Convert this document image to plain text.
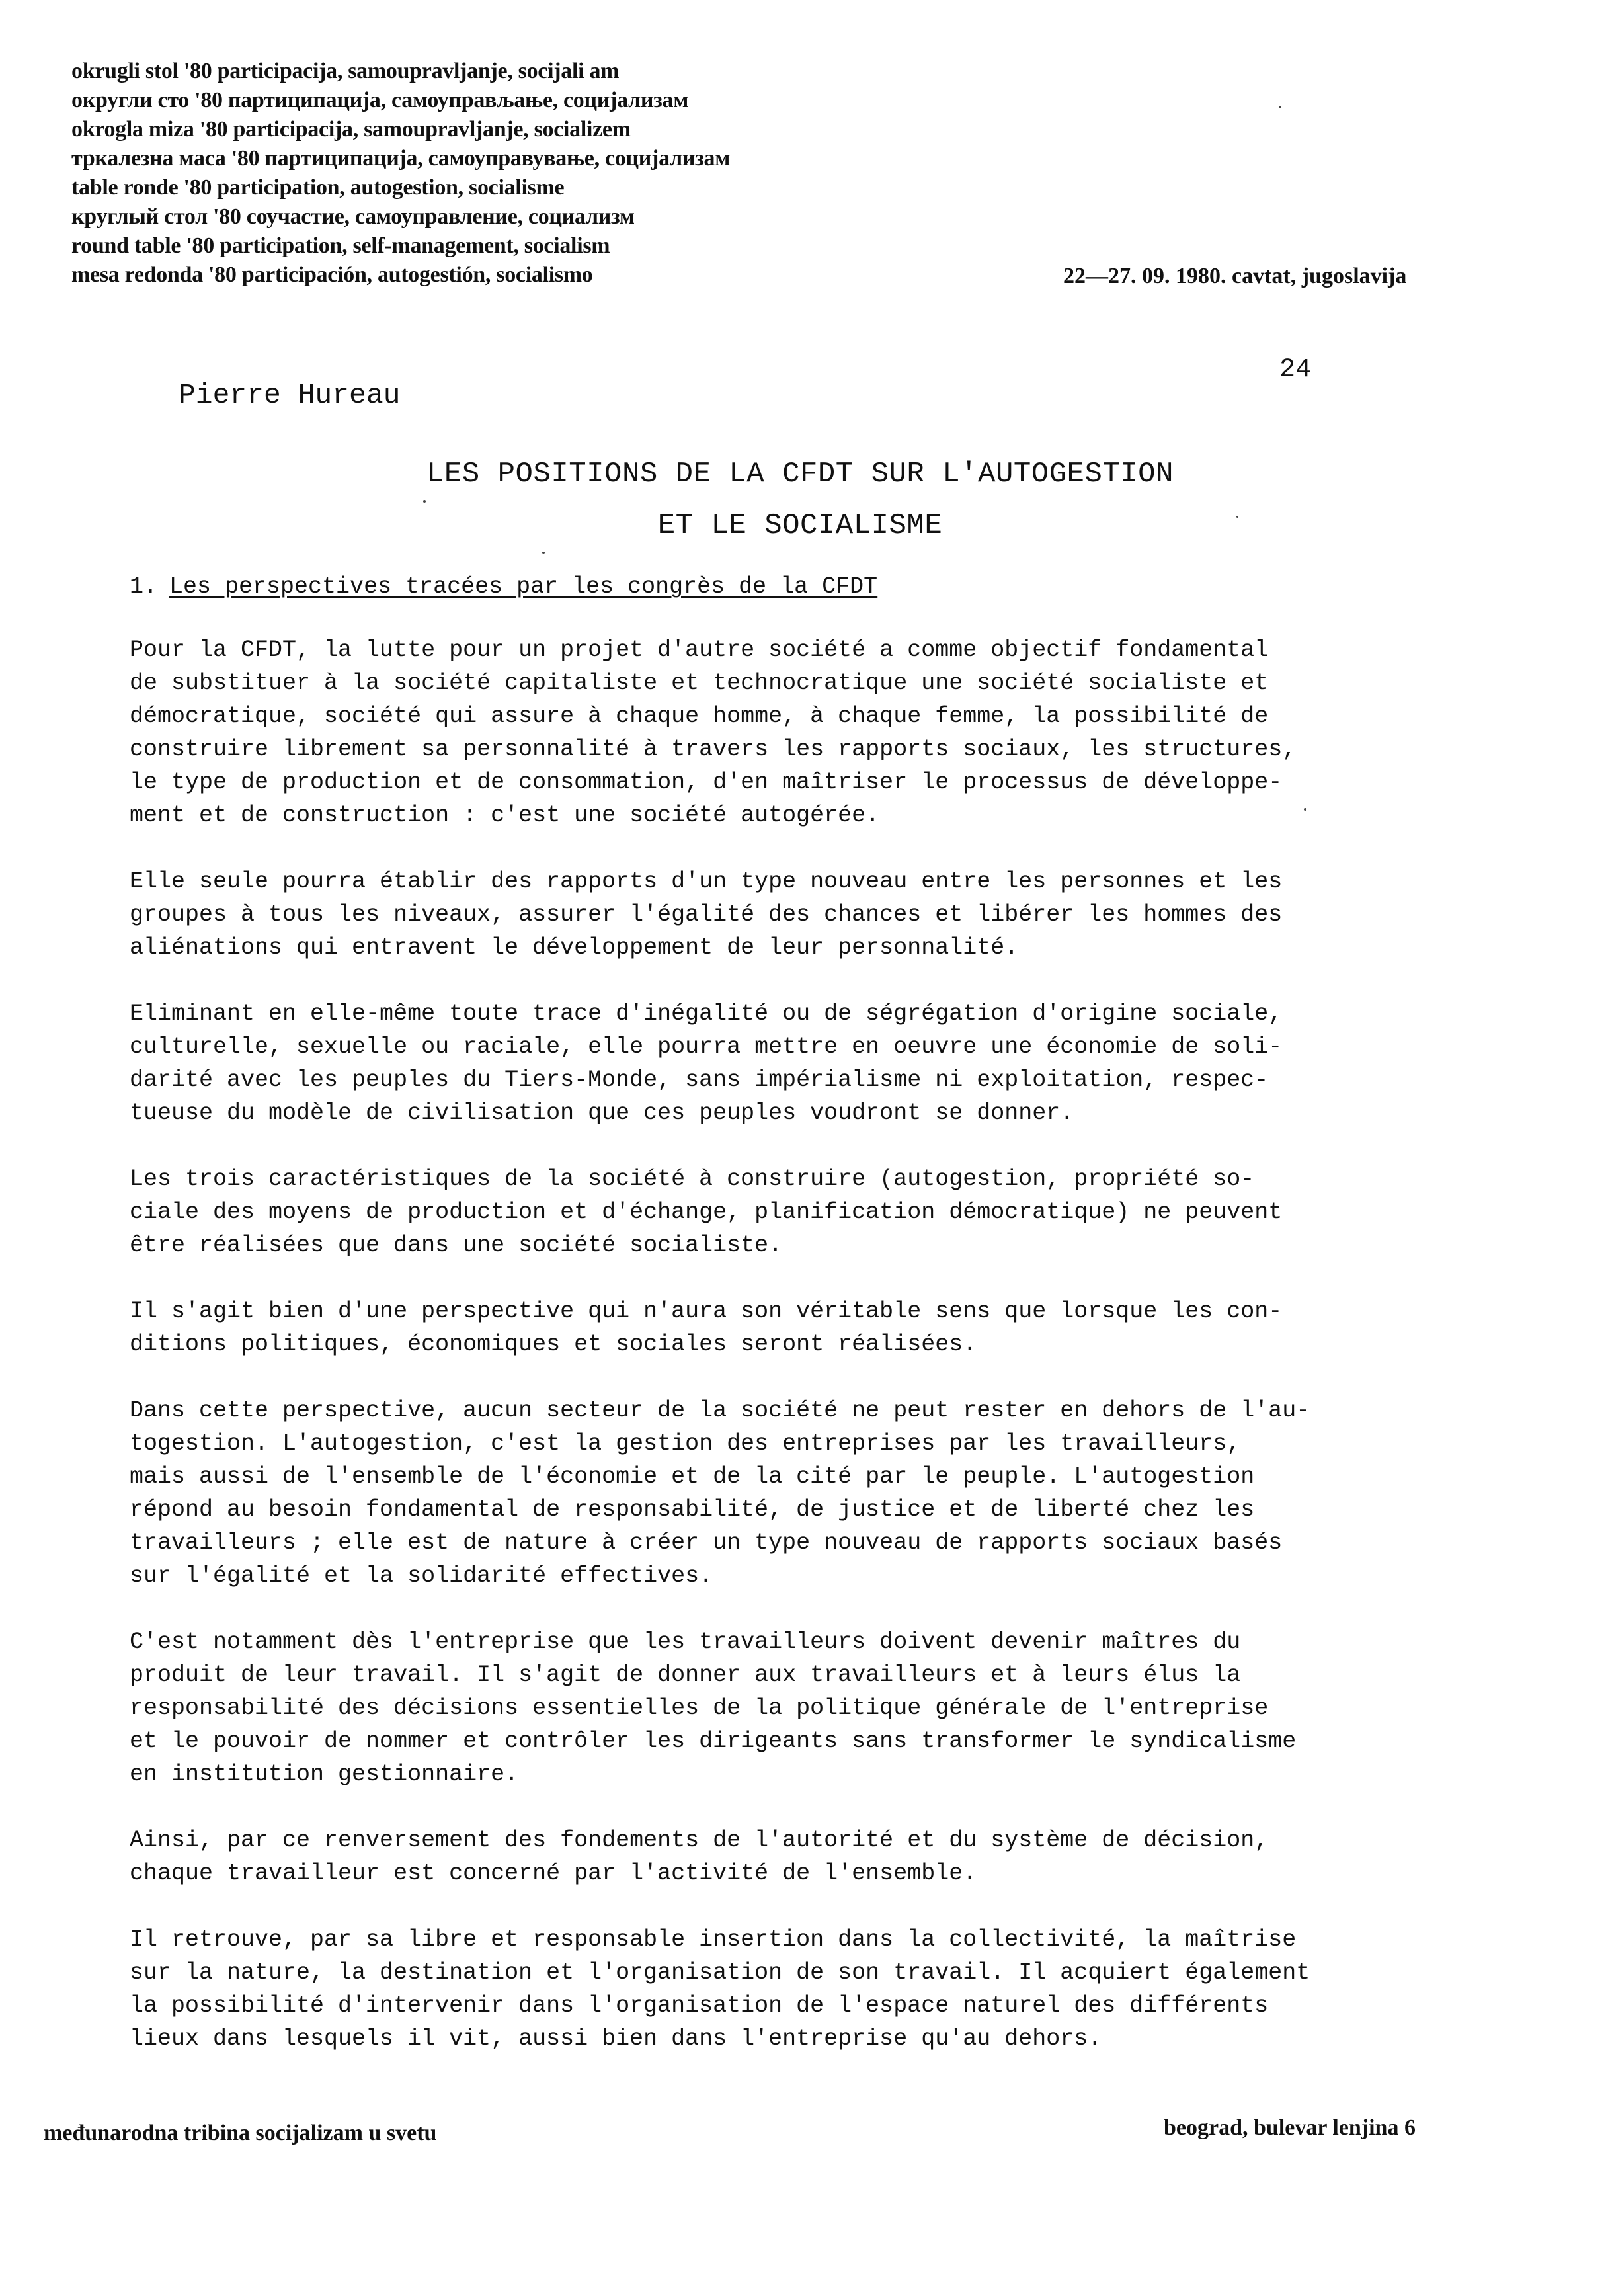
okrugli stol '80 participacija, samoupravljanje, socijali am
округли сто '80 партиципација, самоуправљање, социјализам
okrogla miza '80 participacija, samoupravljanje, socializem
тркалезна маса '80 партиципација, самоуправување, социјализам
table ronde '80 participation, autogestion, socialisme
круглый стол '80 соучастие, самоуправление, социализм
round table '80 participation, self-management, socialism
mesa redonda '80 participación, autogestión, socialismo	22—27. 09. 1980. cavtat, jugoslavija
24
Pierre Hureau
LES POSITIONS DE LA CFDT SUR L'AUTOGESTION
ET LE SOCIALISME
1. Les perspectives tracées par les congrès de la CFDT
Pour la CFDT, la lutte pour un projet d'autre société a comme objectif fondamental
de substituer à la société capitaliste et technocratique une société socialiste et
démocratique, société qui assure à chaque homme, à chaque femme, la possibilité de
construire librement sa personnalité à travers les rapports sociaux, les structures,
le type de production et de consommation, d'en maîtriser le processus de développe-
ment et de construction : c'est une société autogérée.
Elle seule pourra établir des rapports d'un type nouveau entre les personnes et les
groupes à tous les niveaux, assurer l'égalité des chances et libérer les hommes des
aliénations qui entravent le développement de leur personnalité.
Eliminant en elle-même toute trace d'inégalité ou de ségrégation d'origine sociale,
culturelle, sexuelle ou raciale, elle pourra mettre en oeuvre une économie de soli-
darité avec les peuples du Tiers-Monde, sans impérialisme ni exploitation, respec-
tueuse du modèle de civilisation que ces peuples voudront se donner.
Les trois caractéristiques de la société à construire (autogestion, propriété so-
ciale des moyens de production et d'échange, planification démocratique) ne peuvent
être réalisées que dans une société socialiste.
Il s'agit bien d'une perspective qui n'aura son véritable sens que lorsque les con-
ditions politiques, économiques et sociales seront réalisées.
Dans cette perspective, aucun secteur de la société ne peut rester en dehors de l'au-
togestion. L'autogestion, c'est la gestion des entreprises par les travailleurs,
mais aussi de l'ensemble de l'économie et de la cité par le peuple. L'autogestion
répond au besoin fondamental de responsabilité, de justice et de liberté chez les
travailleurs ; elle est de nature à créer un type nouveau de rapports sociaux basés
sur l'égalité et la solidarité effectives.
C'est notamment dès l'entreprise que les travailleurs doivent devenir maîtres du
produit de leur travail. Il s'agit de donner aux travailleurs et à leurs élus la
responsabilité des décisions essentielles de la politique générale de l'entreprise
et le pouvoir de nommer et contrôler les dirigeants sans transformer le syndicalisme
en institution gestionnaire.
Ainsi, par ce renversement des fondements de l'autorité et du système de décision,
chaque travailleur est concerné par l'activité de l'ensemble.
Il retrouve, par sa libre et responsable insertion dans la collectivité, la maîtrise
sur la nature, la destination et l'organisation de son travail. Il acquiert également
la possibilité d'intervenir dans l'organisation de l'espace naturel des différents
lieux dans lesquels il vit, aussi bien dans l'entreprise qu'au dehors.
međunarodna tribina socijalizam u svetu	beograd, bulevar lenjina 6
